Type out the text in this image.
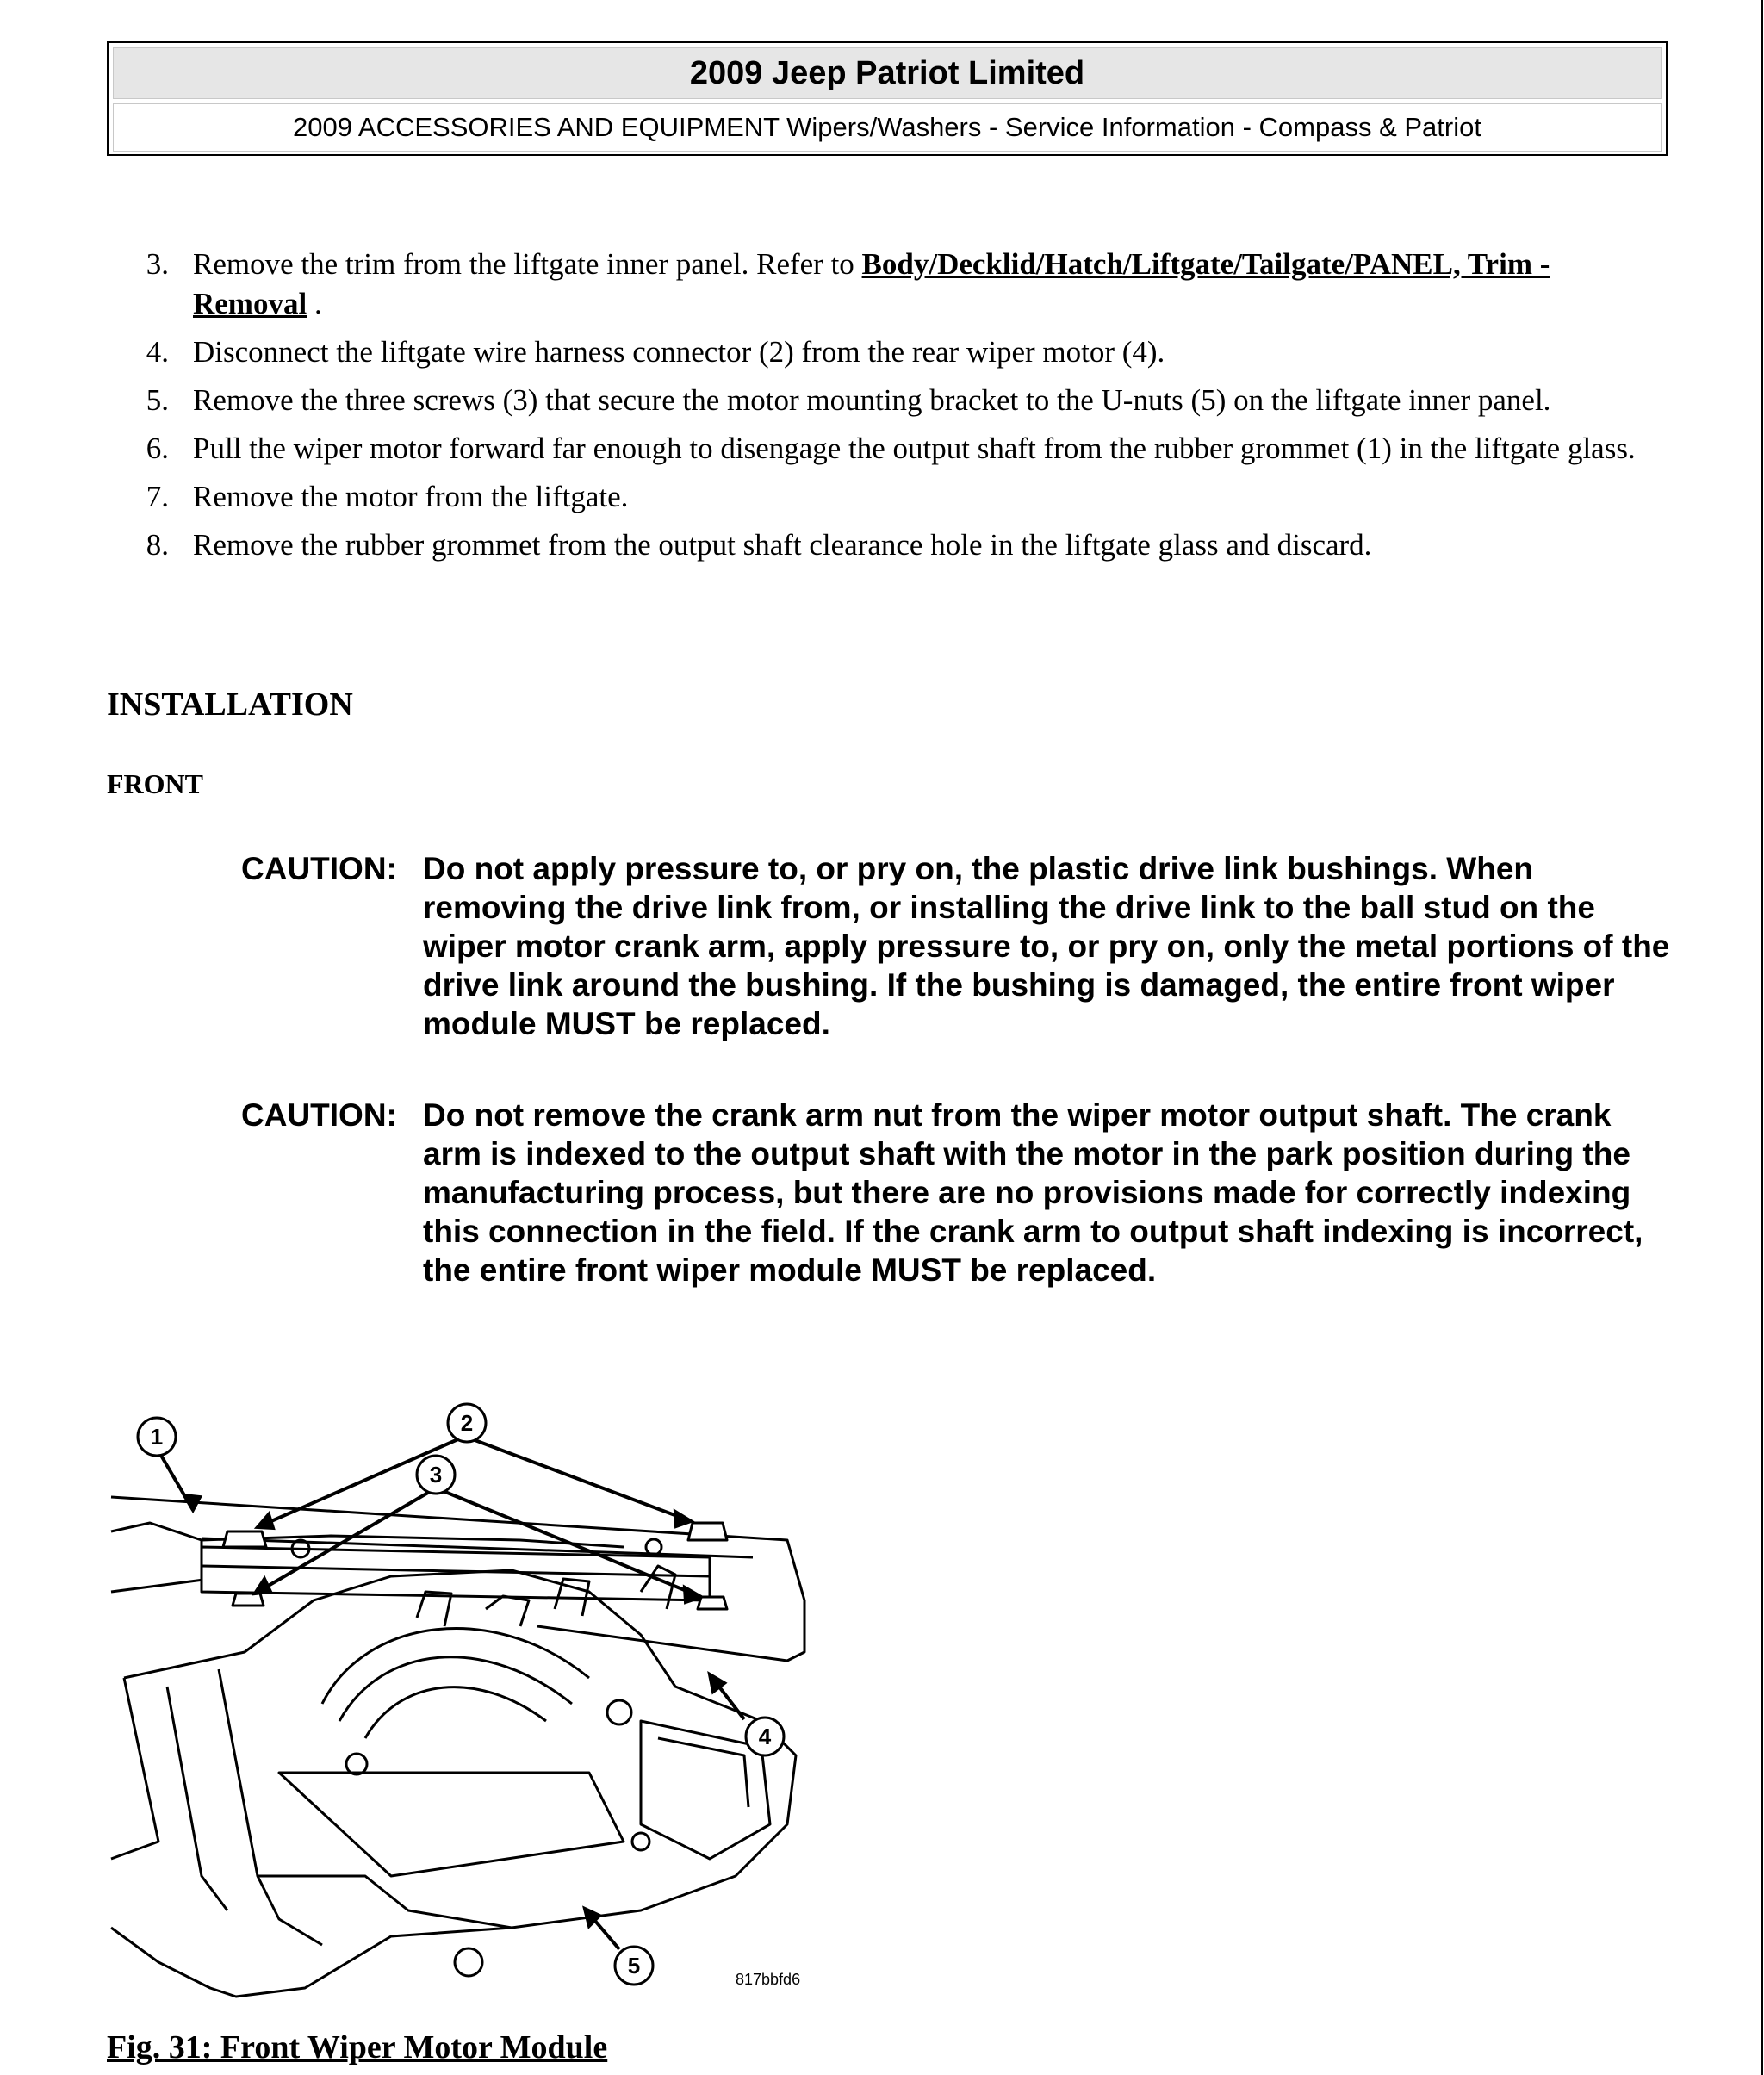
2009 Jeep Patriot Limited
2009 ACCESSORIES AND EQUIPMENT Wipers/Washers - Service Information - Compass & Patriot
3. Remove the trim from the liftgate inner panel. Refer to Body/Decklid/Hatch/Liftgate/Tailgate/PANEL, Trim - Removal .
4. Disconnect the liftgate wire harness connector (2) from the rear wiper motor (4).
5. Remove the three screws (3) that secure the motor mounting bracket to the U-nuts (5) on the liftgate inner panel.
6. Pull the wiper motor forward far enough to disengage the output shaft from the rubber grommet (1) in the liftgate glass.
7. Remove the motor from the liftgate.
8. Remove the rubber grommet from the output shaft clearance hole in the liftgate glass and discard.
INSTALLATION
FRONT
CAUTION: Do not apply pressure to, or pry on, the plastic drive link bushings. When removing the drive link from, or installing the drive link to the ball stud on the wiper motor crank arm, apply pressure to, or pry on, only the metal portions of the drive link around the bushing. If the bushing is damaged, the entire front wiper module MUST be replaced.
CAUTION: Do not remove the crank arm nut from the wiper motor output shaft. The crank arm is indexed to the output shaft with the motor in the park position during the manufacturing process, but there are no provisions made for correctly indexing this connection in the field. If the crank arm to output shaft indexing is incorrect, the entire front wiper module MUST be replaced.
1
2
3
4
5
817bbfd6
Fig. 31: Front Wiper Motor Module
